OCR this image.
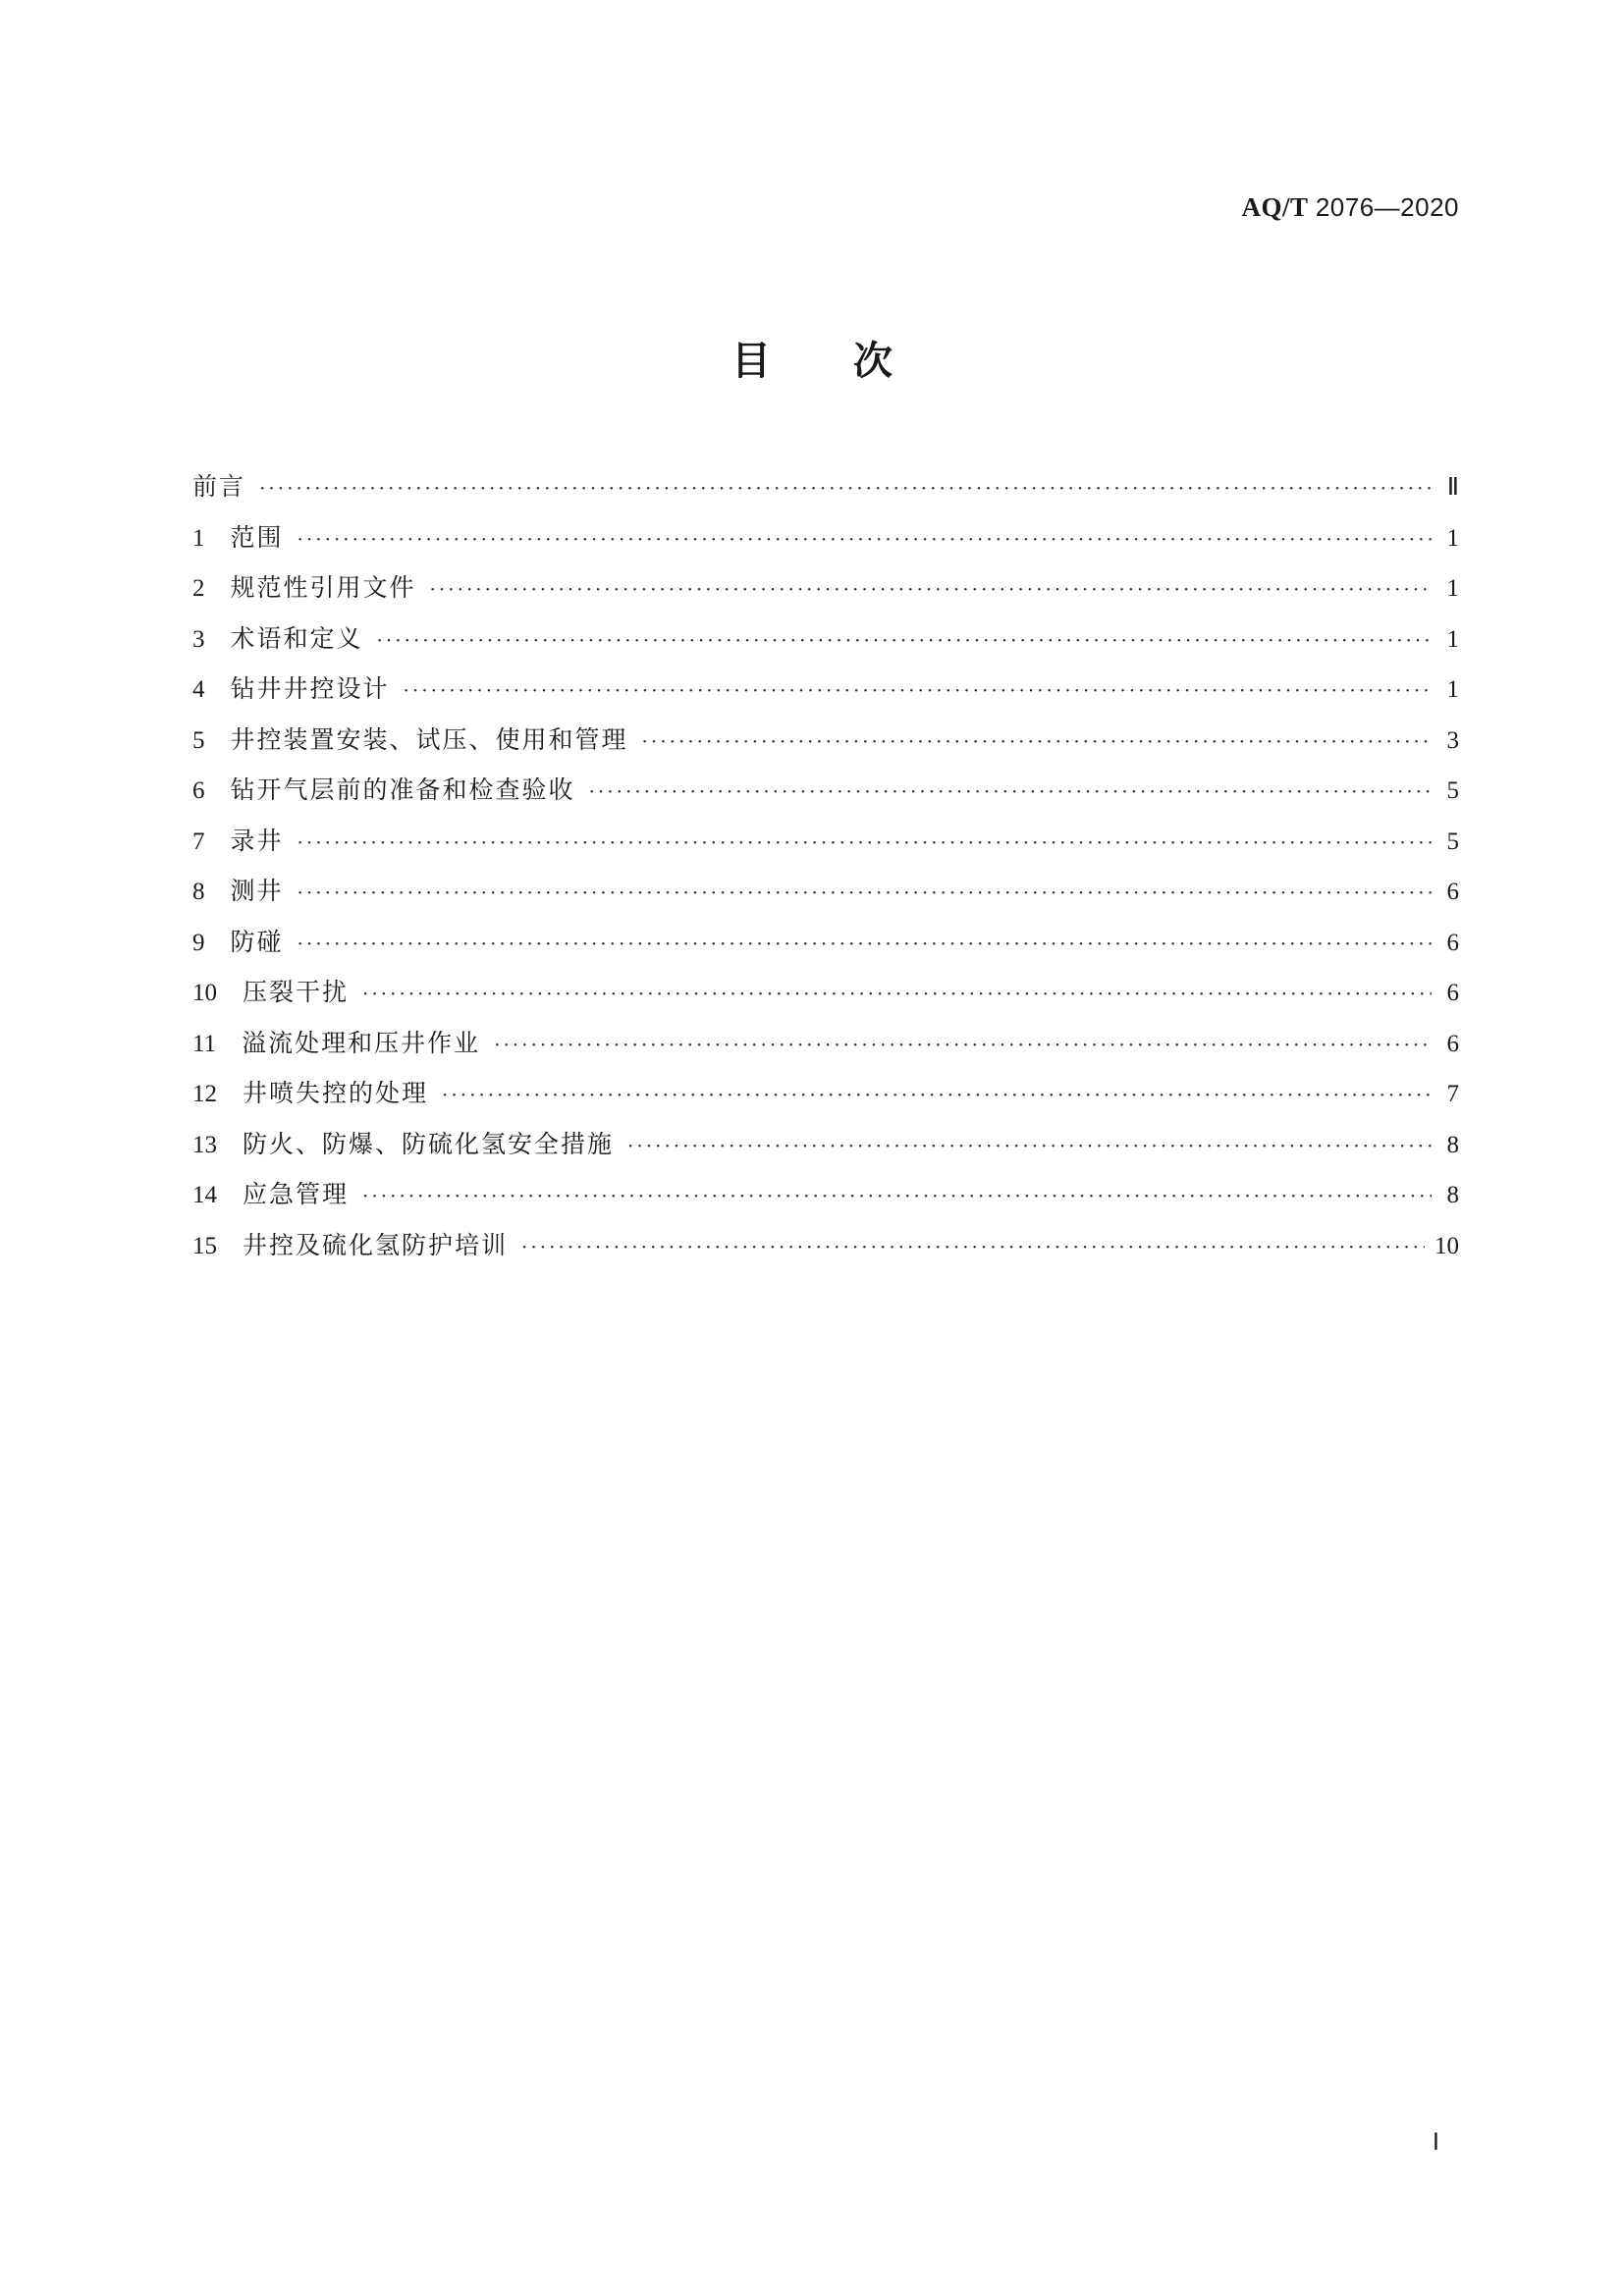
AQ/T 2076—2020
目次
前言 ·····	Ⅱ
1	范围 ·····	1
2	规范性引用文件 ·····	1
3	术语和定义 ·····	1
4	钻井井控设计 ·····	1
5	井控装置安装、试压、使用和管理 ·····	3
6	钻开气层前的准备和检查验收 ·····	5
7	录井 ·····	5
8	测井 ·····	6
9	防碰 ·····	6
10	压裂干扰 ·····	6
11	溢流处理和压井作业 ·····	6
12	井喷失控的处理 ·····	7
13	防火、防爆、防硫化氢安全措施 ·····	8
14	应急管理 ·····	8
15	井控及硫化氢防护培训 ·····	10
Ⅰ
